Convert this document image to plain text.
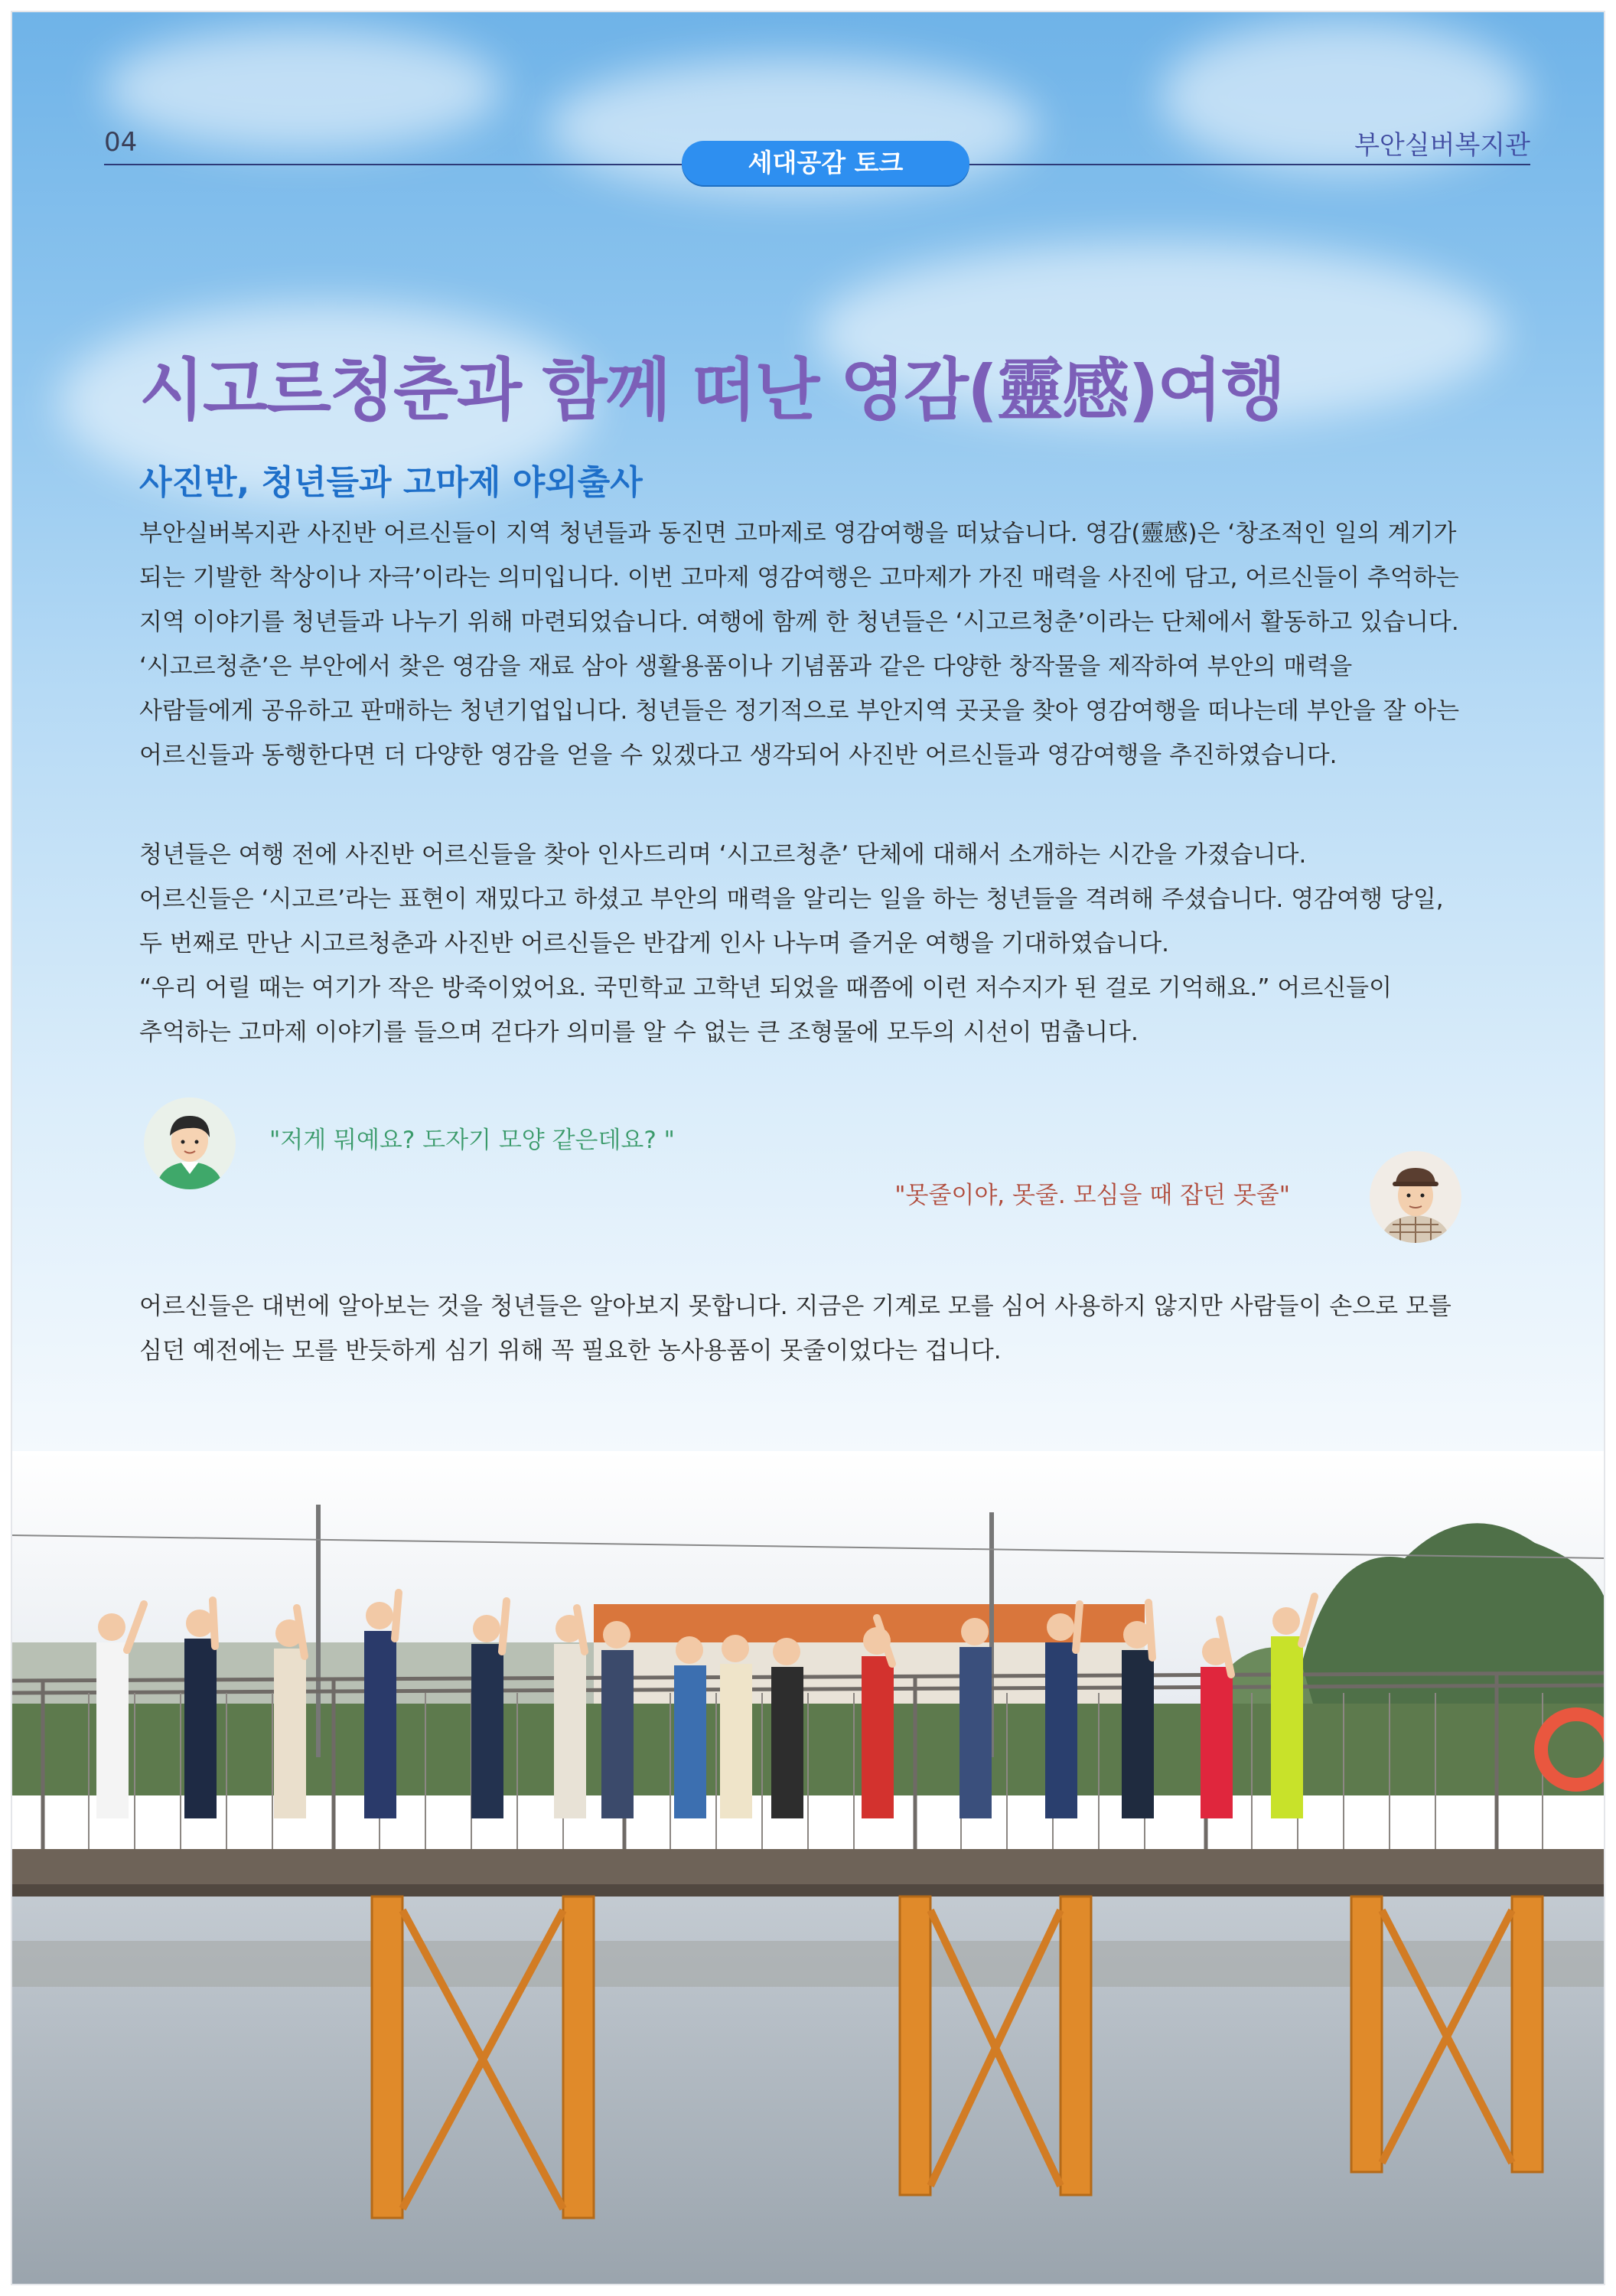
04	부안실버복지관
세대공감 토크
시고르청춘과 함께 떠난 영감(靈感)여행
사진반, 청년들과 고마제 야외출사

부안실버복지관 사진반 어르신들이 지역 청년들과 동진면 고마제로 영감여행을 떠났습니다. 영감(靈感)은 ‘창조적인 일의 계기가

되는 기발한 착상이나 자극’이라는 의미입니다. 이번 고마제 영감여행은 고마제가 가진 매력을 사진에 담고, 어르신들이 추억하는

지역 이야기를 청년들과 나누기 위해 마련되었습니다. 여행에 함께 한 청년들은 ‘시고르청춘’이라는 단체에서 활동하고 있습니다.

‘시고르청춘’은 부안에서 찾은 영감을 재료 삼아 생활용품이나 기념품과 같은 다양한 창작물을 제작하여 부안의 매력을

사람들에게 공유하고 판매하는 청년기업입니다. 청년들은 정기적으로 부안지역 곳곳을 찾아 영감여행을 떠나는데 부안을 잘 아는

어르신들과 동행한다면 더 다양한 영감을 얻을 수 있겠다고 생각되어 사진반 어르신들과 영감여행을 추진하였습니다.

청년들은 여행 전에 사진반 어르신들을 찾아 인사드리며 ‘시고르청춘’ 단체에 대해서 소개하는 시간을 가졌습니다.

어르신들은 ‘시고르’라는 표현이 재밌다고 하셨고 부안의 매력을 알리는 일을 하는 청년들을 격려해 주셨습니다. 영감여행 당일,

두 번째로 만난 시고르청춘과 사진반 어르신들은 반갑게 인사 나누며 즐거운 여행을 기대하였습니다.

“우리 어릴 때는 여기가 작은 방죽이었어요. 국민학교 고학년 되었을 때쯤에 이런 저수지가 된 걸로 기억해요.” 어르신들이

추억하는 고마제 이야기를 들으며 걷다가 의미를 알 수 없는 큰 조형물에 모두의 시선이 멈춥니다.

"저게 뭐예요? 도자기 모양 같은데요? "
"못줄이야, 못줄. 모심을 때 잡던 못줄"

어르신들은 대번에 알아보는 것을 청년들은 알아보지 못합니다. 지금은 기계로 모를 심어 사용하지 않지만 사람들이 손으로 모를

심던 예전에는 모를 반듯하게 심기 위해 꼭 필요한 농사용품이 못줄이었다는 겁니다.
